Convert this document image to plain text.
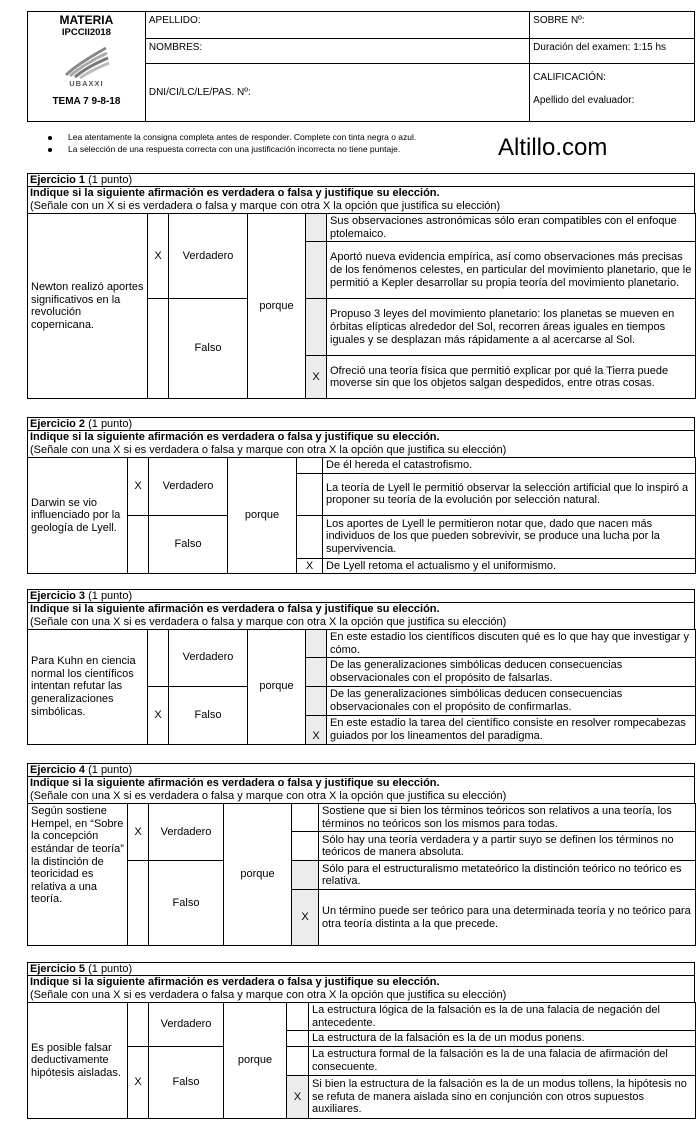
MATERIA
IPCCII2018
UBAXXI
TEMA 7 9-8-18	APELLIDO:	SOBRE Nº:
	NOMBRES:	Duración del examen: 1:15 hs
	DNI/CI/LC/LE/PAS. Nº:	CALIFICACIÓN:
Apellido del evaluador:
Lea atentamente la consigna completa antes de responder. Complete con tinta negra o azul.
La selección de una respuesta correcta con una justificación incorrecta no tiene puntaje.	Altillo.com
Ejercicio 1 (1 punto)
Indique si la siguiente afirmación es verdadera o falsa y justifique su elección.
(Señale con un X si es verdadera o falsa y marque con otra X la opción que justifica su elección)
Newton realizó aportes significativos en la revolución copernicana.	X	Verdadero	porque		Sus observaciones astronómicas sólo eran compatibles con el enfoque ptolemaico.
					Aportó nueva evidencia empírica, así como observaciones más precisas de los fenómenos celestes, en particular del movimiento planetario, que le permitió a Kepler desarrollar su propia teoría del movimiento planetario.
		Falso			Propuso 3 leyes del movimiento planetario: los planetas se mueven en órbitas elípticas alrededor del Sol, recorren áreas iguales en tiempos iguales y se desplazan más rápidamente a al acercarse al Sol.
				X	Ofreció una teoría física que permitió explicar por qué la Tierra puede moverse sin que los objetos salgan despedidos, entre otras cosas.
Ejercicio 2 (1 punto)
Indique si la siguiente afirmación es verdadera o falsa y justifique su elección.
(Señale con una X si es verdadera o falsa y marque con otra X la opción que justifica su elección)
Darwin se vio influenciado por la geología de Lyell.	X	Verdadero	porque		De él hereda el catastrofismo.
					La teoría de Lyell le permitió observar la selección artificial que lo inspiró a proponer su teoría de la evolución por selección natural.
		Falso			Los aportes de Lyell le permitieron notar que, dado que nacen más individuos de los que pueden sobrevivir, se produce una lucha por la supervivencia.
				X	De Lyell retoma el actualismo y el uniformismo.
Ejercicio 3 (1 punto)
Indique si la siguiente afirmación es verdadera o falsa y justifique su elección.
(Señale con una X si es verdadera o falsa y marque con otra X la opción que justifica su elección)
Para Kuhn en ciencia normal los científicos intentan refutar las generalizaciones simbólicas.		Verdadero	porque		En este estadio los científicos discuten qué es lo que hay que investigar y cómo.
					De las generalizaciones simbólicas deducen consecuencias observacionales con el propósito de falsarlas.
	X	Falso			De las generalizaciones simbólicas deducen consecuencias observacionales con el propósito de confirmarlas.
				X	En este estadio la tarea del científico consiste en resolver rompecabezas guiados por los lineamentos del paradigma.
Ejercicio 4 (1 punto)
Indique si la siguiente afirmación es verdadera o falsa y justifique su elección.
(Señale con una X si es verdadera o falsa y marque con otra X la opción que justifica su elección)
Según sostiene Hempel, en “Sobre la concepción estándar de teoría” la distinción de teoricidad es relativa a una teoría.	X	Verdadero	porque		Sostiene que si bien los términos teóricos son relativos a una teoría, los términos no teóricos son los mismos para todas.
					Sólo hay una teoría verdadera y a partir suyo se definen los términos no teóricos de manera absoluta.
		Falso			Sólo para el estructuralismo metateórico la distinción teórico no teórico es relativa.
				X	Un término puede ser teórico para una determinada teoría y no teórico para otra teoría distinta a la que precede.
Ejercicio 5 (1 punto)
Indique si la siguiente afirmación es verdadera o falsa y justifique su elección.
(Señale con una X si es verdadera o falsa y marque con otra X la opción que justifica su elección)
Es posible falsar deductivamente hipótesis aisladas.		Verdadero	porque		La estructura lógica de la falsación es la de una falacia de negación del antecedente.
					La estructura de la falsación es la de un modus ponens.
	X	Falso			La estructura formal de la falsación es la de una falacia de afirmación del consecuente.
				X	Si bien la estructura de la falsación es la de un modus tollens, la hipótesis no se refuta de manera aislada sino en conjunción con otros supuestos auxiliares.
